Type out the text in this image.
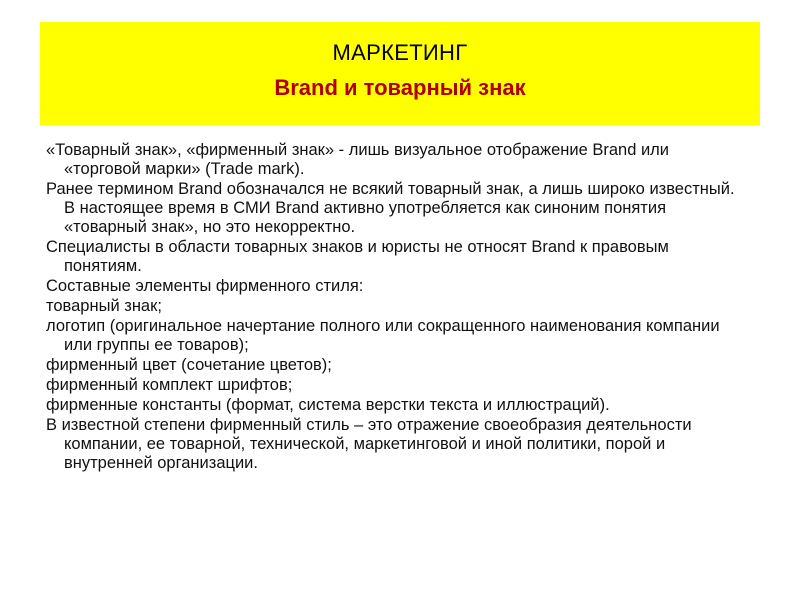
МАРКЕТИНГ
Brand и товарный знак

«Товарный знак», «фирменный знак» - лишь визуальное отображение Brand или «торговой марки» (Trade mark).

Ранее термином Brand обозначался не всякий товарный знак, а лишь широко известный. В настоящее время в СМИ Brand активно употребляется как синоним понятия «товарный знак», но это некорректно.

Специалисты в области товарных знаков и юристы не относят Brand к правовым понятиям.

Составные элементы фирменного стиля:

товарный знак;

логотип (оригинальное начертание полного или сокращенного наименования компании или группы ее товаров);

фирменный цвет (сочетание цветов);

фирменный комплект шрифтов;

фирменные константы (формат, система верстки текста и иллюстраций).

В известной степени фирменный стиль – это отражение своеобразия деятельности компании, ее товарной, технической, маркетинговой и иной политики, порой и внутренней организации.
